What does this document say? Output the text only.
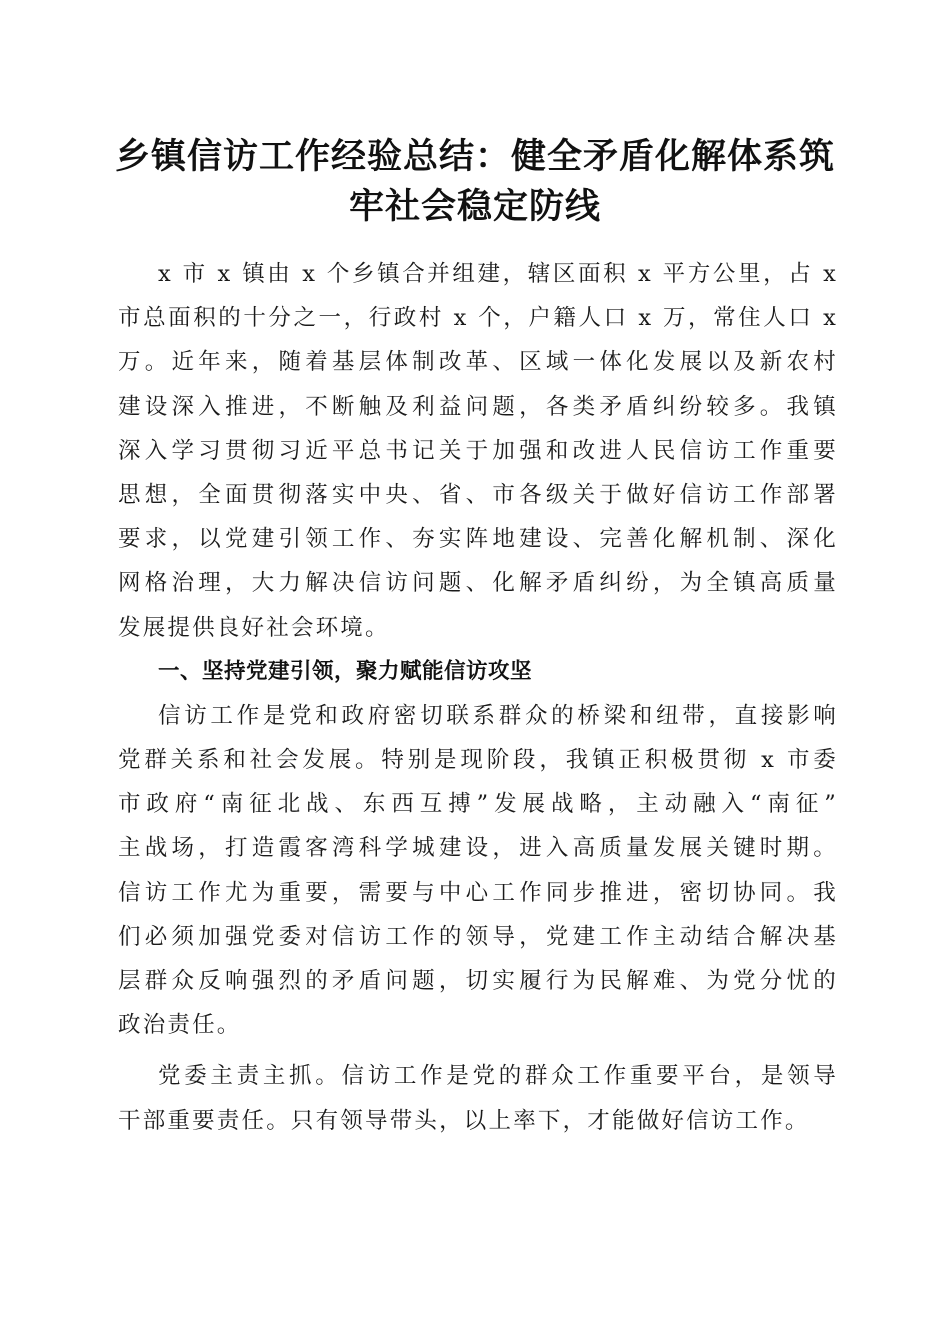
乡镇信访工作经验总结：健全矛盾化解体系筑
牢社会稳定防线
x 市 x 镇由 x 个乡镇合并组建，辖区面积 x 平方公里，占 x
市总面积的十分之一，行政村 x 个，户籍人口 x 万，常住人口 x
万。近年来，随着基层体制改革、区域一体化发展以及新农村
建设深入推进，不断触及利益问题，各类矛盾纠纷较多。我镇
深入学习贯彻习近平总书记关于加强和改进人民信访工作重要
思想，全面贯彻落实中央、省、市各级关于做好信访工作部署
要求，以党建引领工作、夯实阵地建设、完善化解机制、深化
网格治理，大力解决信访问题、化解矛盾纠纷，为全镇高质量
发展提供良好社会环境。
一、坚持党建引领，聚力赋能信访攻坚
信访工作是党和政府密切联系群众的桥梁和纽带，直接影响
党群关系和社会发展。特别是现阶段，我镇正积极贯彻 x 市委
市政府“南征北战、东西互搏”发展战略，主动融入“南征”
主战场，打造霞客湾科学城建设，进入高质量发展关键时期。
信访工作尤为重要，需要与中心工作同步推进，密切协同。我
们必须加强党委对信访工作的领导，党建工作主动结合解决基
层群众反响强烈的矛盾问题，切实履行为民解难、为党分忧的
政治责任。
党委主责主抓。信访工作是党的群众工作重要平台，是领导
干部重要责任。只有领导带头，以上率下，才能做好信访工作。
